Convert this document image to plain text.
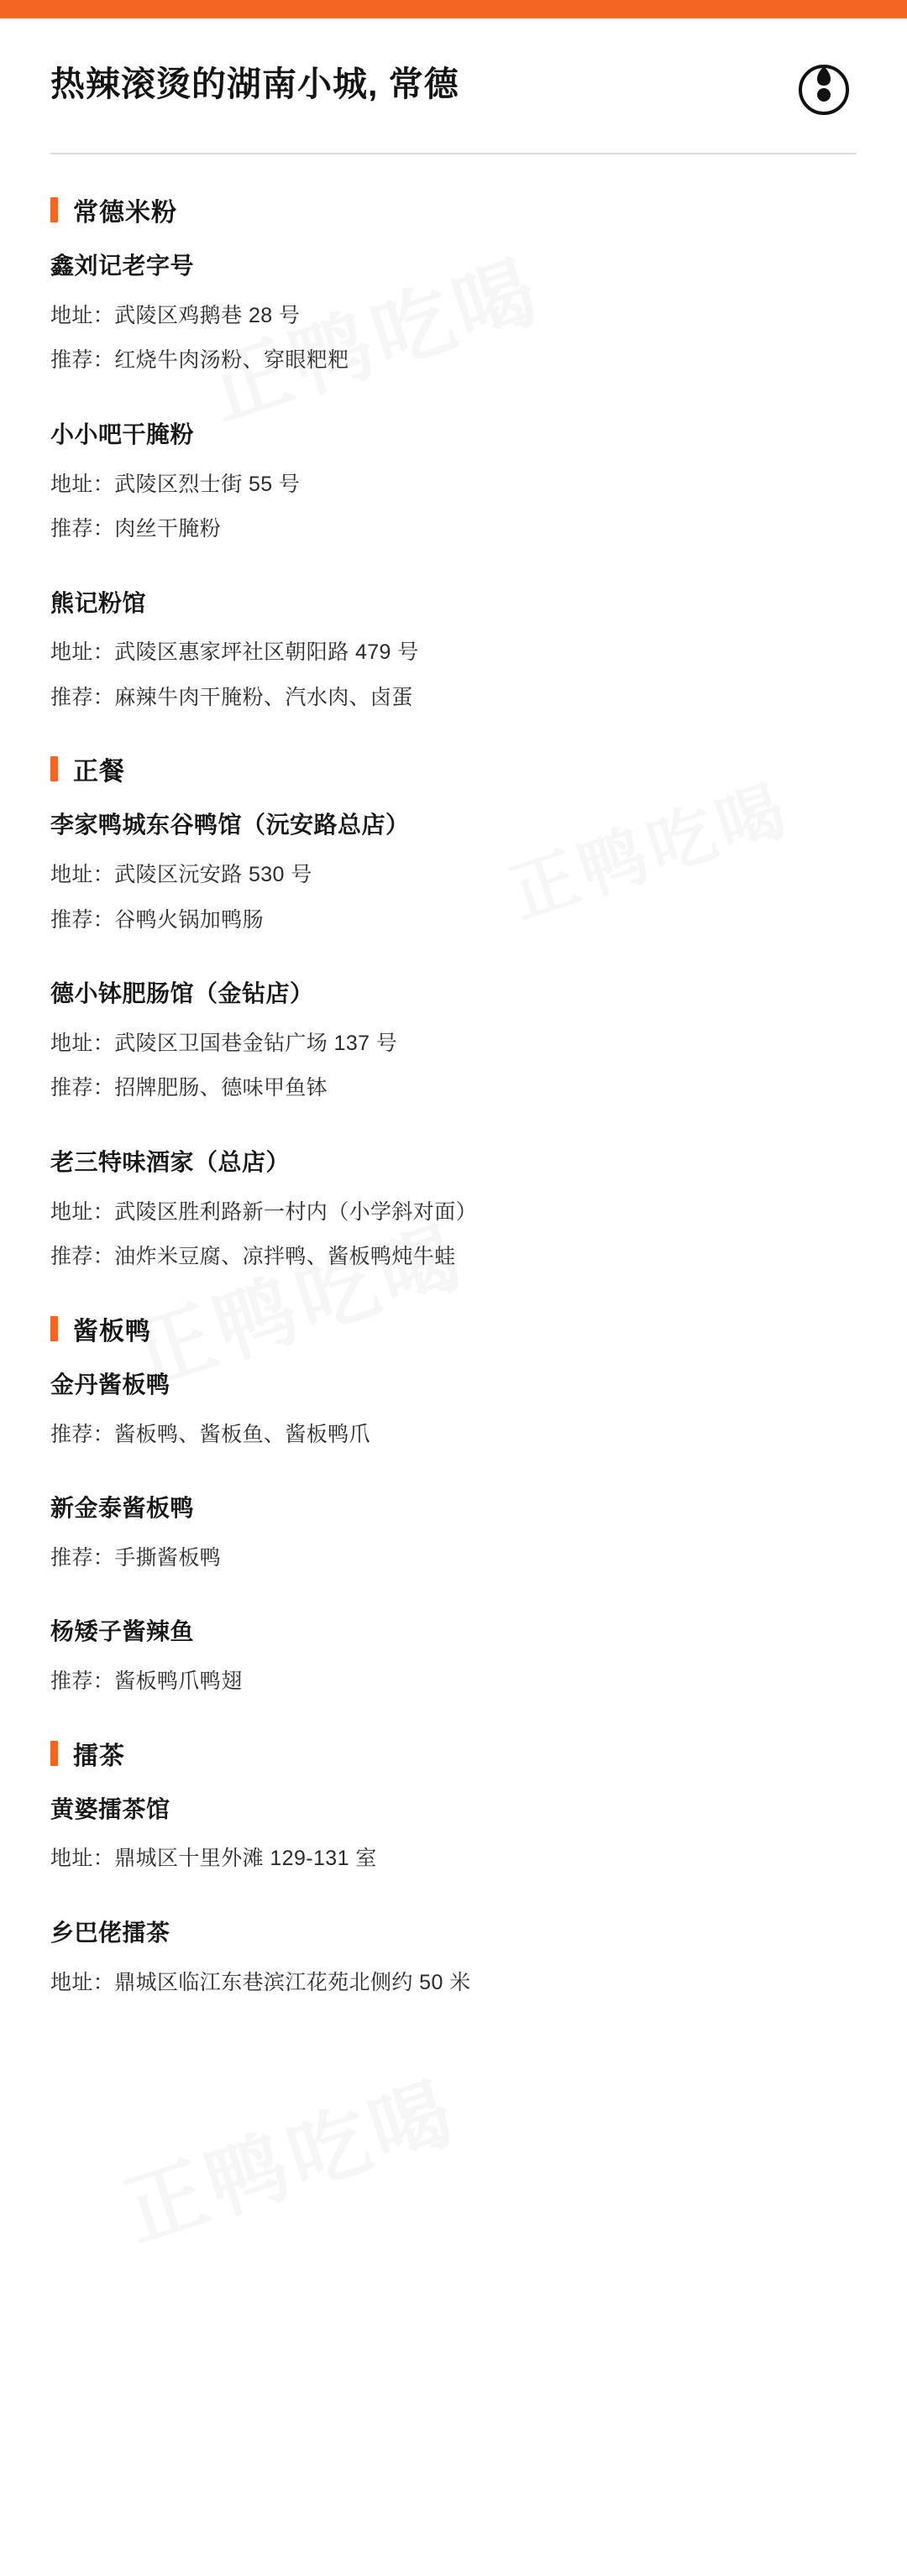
热辣滚烫的湖南小城, 常德
常德米粉
鑫刘记老字号
地址：武陵区鸡鹅巷 28 号
推荐：红烧牛肉汤粉、穿眼粑粑
小小吧干腌粉
地址：武陵区烈士街 55 号
推荐：肉丝干腌粉
熊记粉馆
地址：武陵区惠家坪社区朝阳路 479 号
推荐：麻辣牛肉干腌粉、汽水肉、卤蛋
正餐
李家鸭城东谷鸭馆（沅安路总店）
地址：武陵区沅安路 530 号
推荐：谷鸭火锅加鸭肠
德小钵肥肠馆（金钻店）
地址：武陵区卫国巷金钻广场 137 号
推荐：招牌肥肠、德味甲鱼钵
老三特味酒家（总店）
地址：武陵区胜利路新一村内（小学斜对面）
推荐：油炸米豆腐、凉拌鸭、酱板鸭炖牛蛙
酱板鸭
金丹酱板鸭
推荐：酱板鸭、酱板鱼、酱板鸭爪
新金泰酱板鸭
推荐：手撕酱板鸭
杨矮子酱辣鱼
推荐：酱板鸭爪鸭翅
擂茶
黄婆擂茶馆
地址：鼎城区十里外滩 129-131 室
乡巴佬擂茶
地址：鼎城区临江东巷滨江花苑北侧约 50 米
